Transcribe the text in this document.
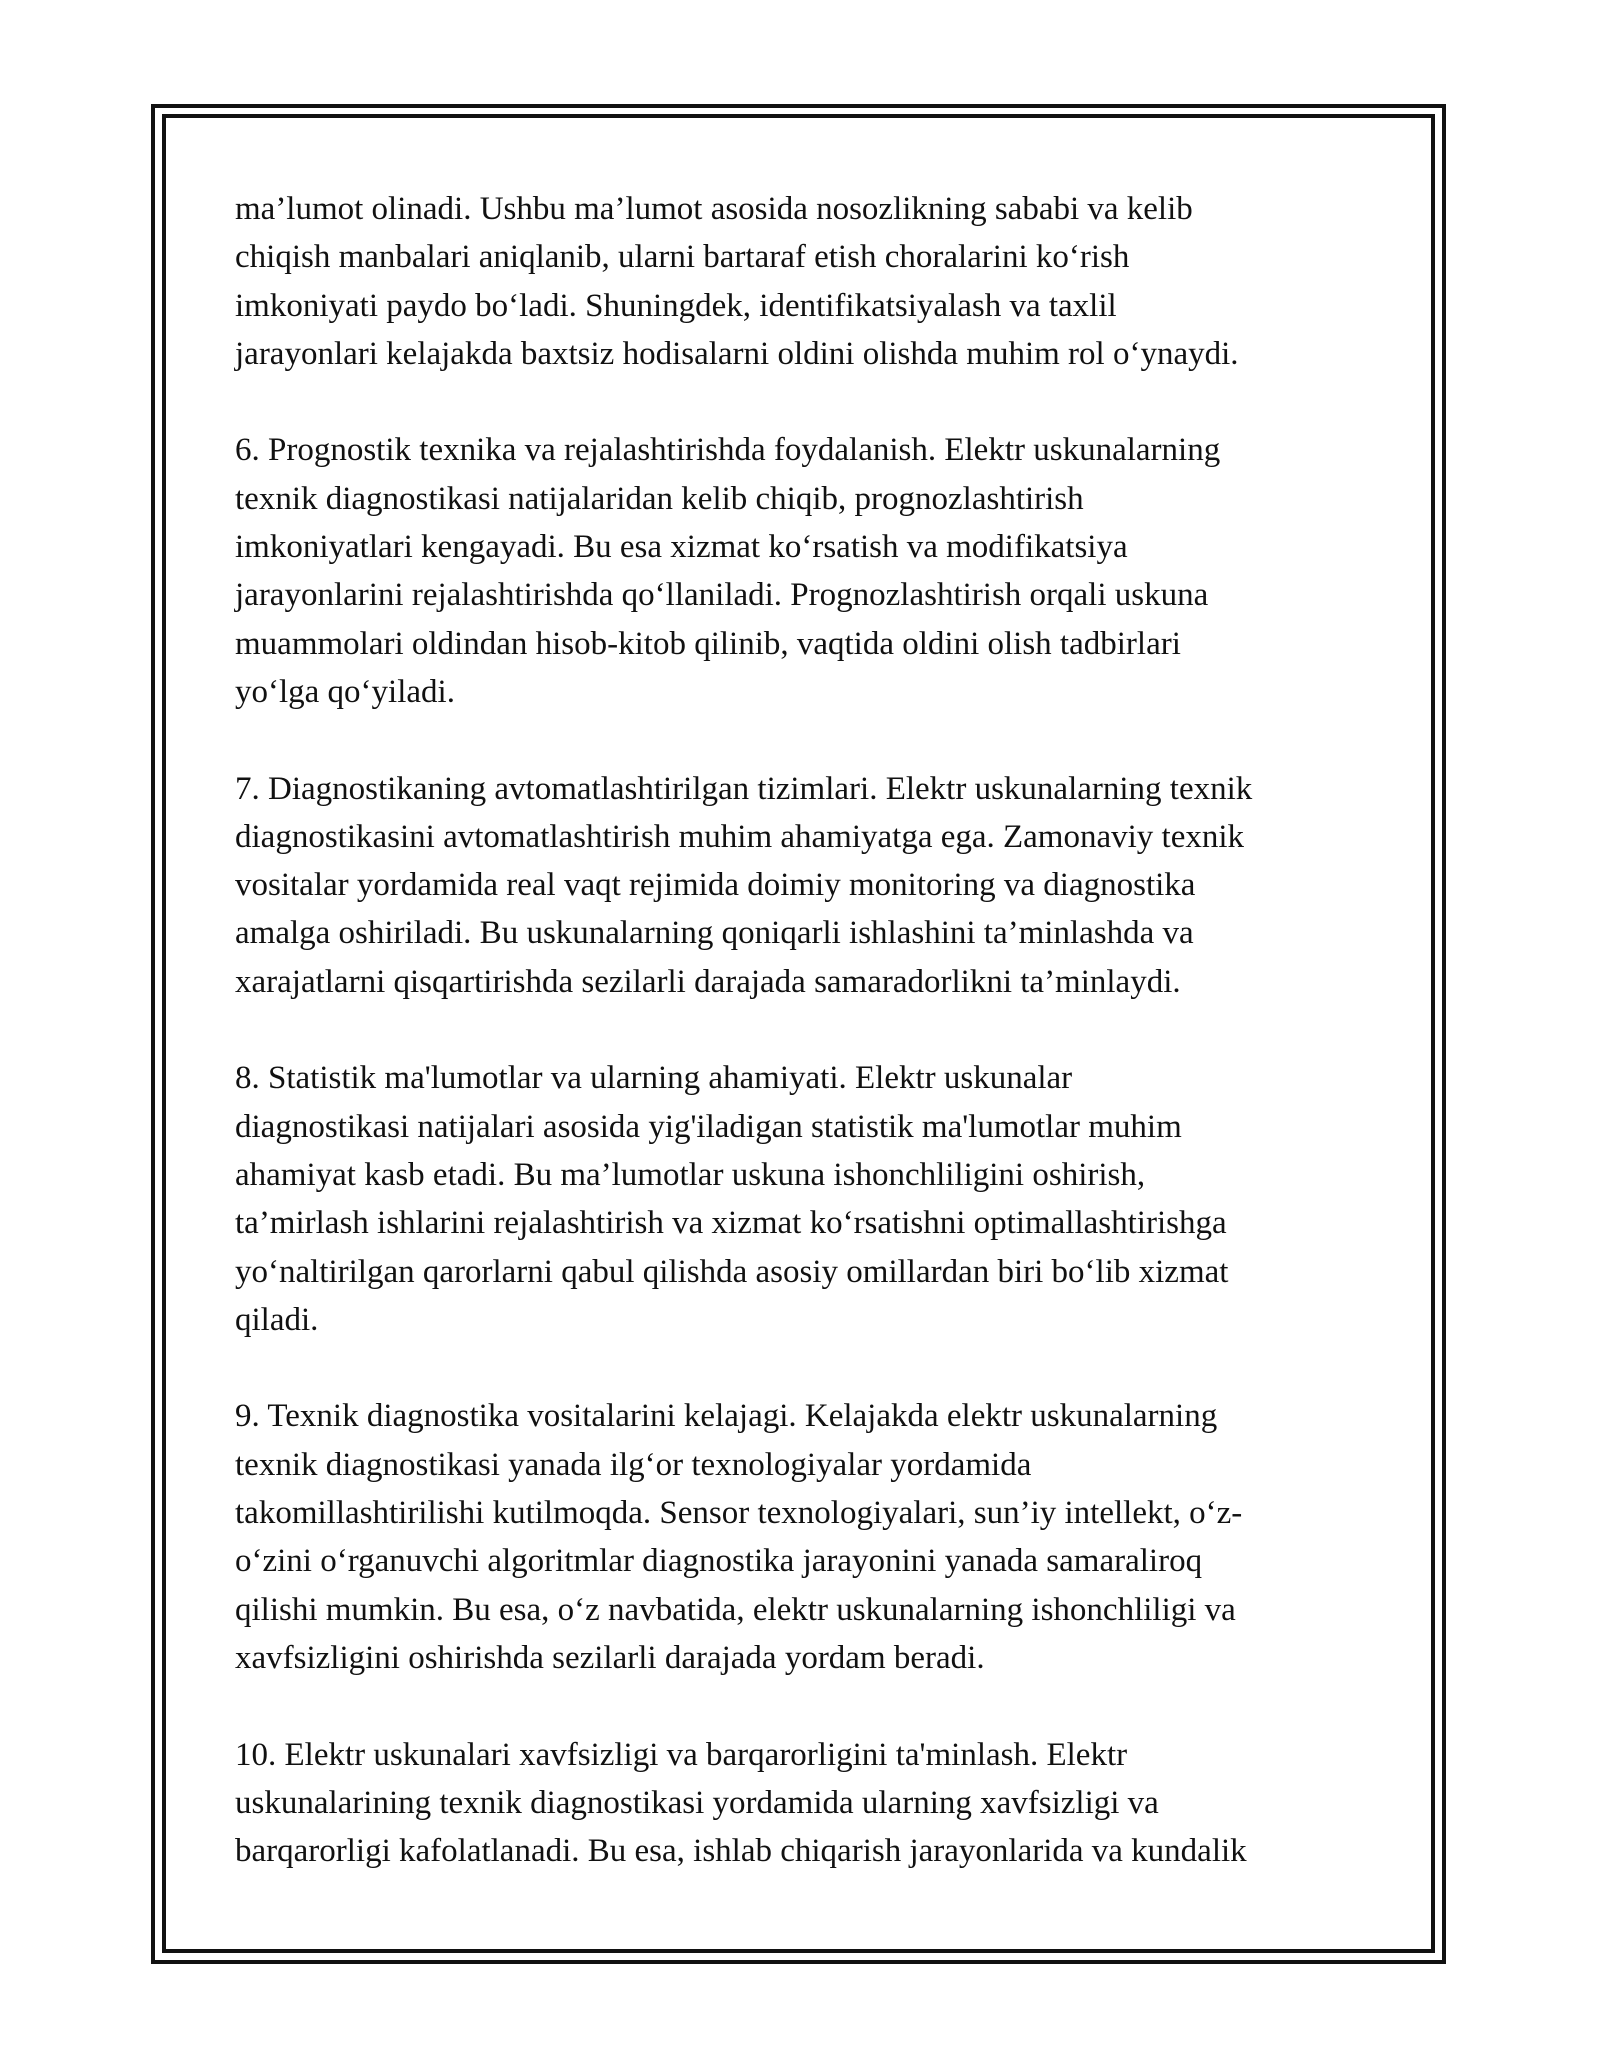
ma’lumot olinadi. Ushbu ma’lumot asosida nosozlikning sababi va kelib
chiqish manbalari aniqlanib, ularni bartaraf etish choralarini ko‘rish
imkoniyati paydo bo‘ladi. Shuningdek, identifikatsiyalash va taxlil
jarayonlari kelajakda baxtsiz hodisalarni oldini olishda muhim rol o‘ynaydi.
6. Prognostik texnika va rejalashtirishda foydalanish. Elektr uskunalarning
texnik diagnostikasi natijalaridan kelib chiqib, prognozlashtirish
imkoniyatlari kengayadi. Bu esa xizmat ko‘rsatish va modifikatsiya
jarayonlarini rejalashtirishda qo‘llaniladi. Prognozlashtirish orqali uskuna
muammolari oldindan hisob-kitob qilinib, vaqtida oldini olish tadbirlari
yo‘lga qo‘yiladi.
7. Diagnostikaning avtomatlashtirilgan tizimlari. Elektr uskunalarning texnik
diagnostikasini avtomatlashtirish muhim ahamiyatga ega. Zamonaviy texnik
vositalar yordamida real vaqt rejimida doimiy monitoring va diagnostika
amalga oshiriladi. Bu uskunalarning qoniqarli ishlashini ta’minlashda va
xarajatlarni qisqartirishda sezilarli darajada samaradorlikni ta’minlaydi.
8. Statistik ma'lumotlar va ularning ahamiyati. Elektr uskunalar
diagnostikasi natijalari asosida yig'iladigan statistik ma'lumotlar muhim
ahamiyat kasb etadi. Bu ma’lumotlar uskuna ishonchliligini oshirish,
ta’mirlash ishlarini rejalashtirish va xizmat ko‘rsatishni optimallashtirishga
yo‘naltirilgan qarorlarni qabul qilishda asosiy omillardan biri bo‘lib xizmat
qiladi.
9. Texnik diagnostika vositalarini kelajagi. Kelajakda elektr uskunalarning
texnik diagnostikasi yanada ilg‘or texnologiyalar yordamida
takomillashtirilishi kutilmoqda. Sensor texnologiyalari, sun’iy intellekt, o‘z-
o‘zini o‘rganuvchi algoritmlar diagnostika jarayonini yanada samaraliroq
qilishi mumkin. Bu esa, o‘z navbatida, elektr uskunalarning ishonchliligi va
xavfsizligini oshirishda sezilarli darajada yordam beradi.
10. Elektr uskunalari xavfsizligi va barqarorligini ta'minlash. Elektr
uskunalarining texnik diagnostikasi yordamida ularning xavfsizligi va
barqarorligi kafolatlanadi. Bu esa, ishlab chiqarish jarayonlarida va kundalik
